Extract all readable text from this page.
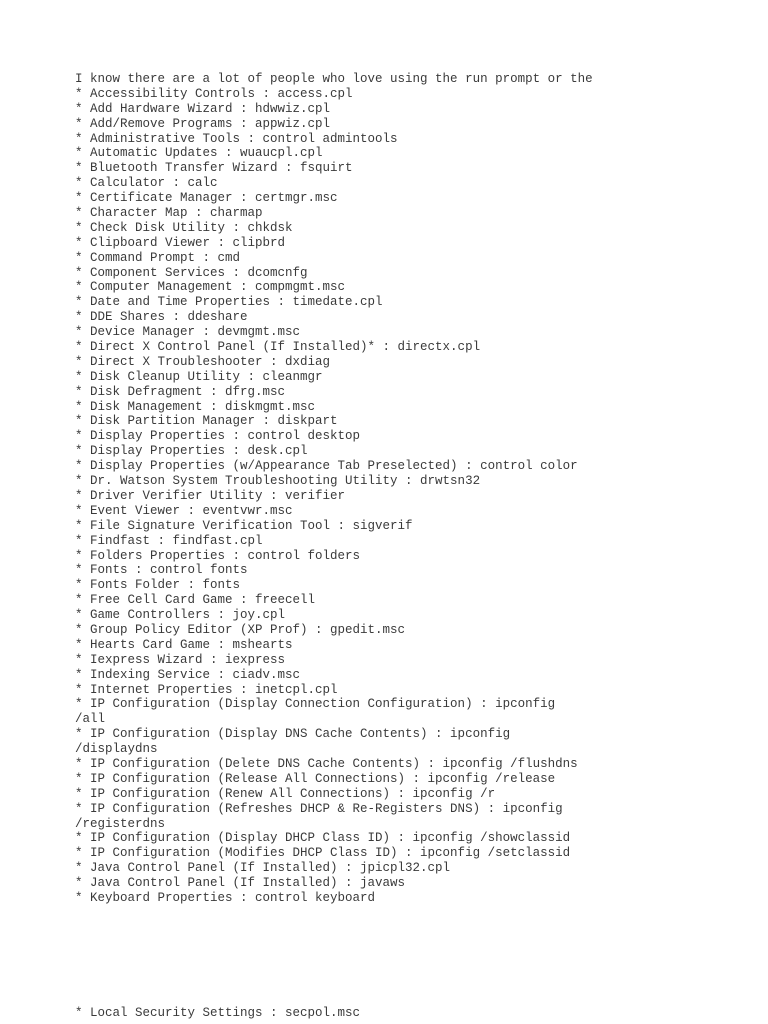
I know there are a lot of people who love using the run prompt or the
* Accessibility Controls : access.cpl
* Add Hardware Wizard : hdwwiz.cpl
* Add/Remove Programs : appwiz.cpl
* Administrative Tools : control admintools
* Automatic Updates : wuaucpl.cpl
* Bluetooth Transfer Wizard : fsquirt
* Calculator : calc
* Certificate Manager : certmgr.msc
* Character Map : charmap
* Check Disk Utility : chkdsk
* Clipboard Viewer : clipbrd
* Command Prompt : cmd
* Component Services : dcomcnfg
* Computer Management : compmgmt.msc
* Date and Time Properties : timedate.cpl
* DDE Shares : ddeshare
* Device Manager : devmgmt.msc
* Direct X Control Panel (If Installed)* : directx.cpl
* Direct X Troubleshooter : dxdiag
* Disk Cleanup Utility : cleanmgr
* Disk Defragment : dfrg.msc
* Disk Management : diskmgmt.msc
* Disk Partition Manager : diskpart
* Display Properties : control desktop
* Display Properties : desk.cpl
* Display Properties (w/Appearance Tab Preselected) : control color
* Dr. Watson System Troubleshooting Utility : drwtsn32
* Driver Verifier Utility : verifier
* Event Viewer : eventvwr.msc
* File Signature Verification Tool : sigverif
* Findfast : findfast.cpl
* Folders Properties : control folders
* Fonts : control fonts
* Fonts Folder : fonts
* Free Cell Card Game : freecell
* Game Controllers : joy.cpl
* Group Policy Editor (XP Prof) : gpedit.msc
* Hearts Card Game : mshearts
* Iexpress Wizard : iexpress
* Indexing Service : ciadv.msc
* Internet Properties : inetcpl.cpl
* IP Configuration (Display Connection Configuration) : ipconfig
/all
* IP Configuration (Display DNS Cache Contents) : ipconfig
/displaydns
* IP Configuration (Delete DNS Cache Contents) : ipconfig /flushdns
* IP Configuration (Release All Connections) : ipconfig /release
* IP Configuration (Renew All Connections) : ipconfig /r
* IP Configuration (Refreshes DHCP & Re-Registers DNS) : ipconfig
/registerdns
* IP Configuration (Display DHCP Class ID) : ipconfig /showclassid
* IP Configuration (Modifies DHCP Class ID) : ipconfig /setclassid
* Java Control Panel (If Installed) : jpicpl32.cpl
* Java Control Panel (If Installed) : javaws
* Keyboard Properties : control keyboard
* Local Security Settings : secpol.msc
